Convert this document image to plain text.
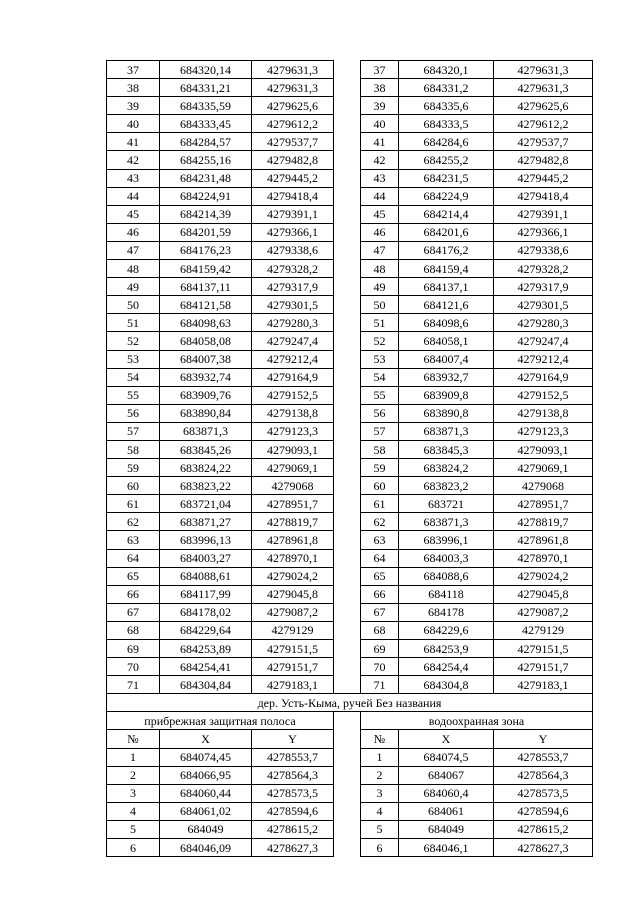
37	684320,14	4279631,3		37	684320,1	4279631,3
38	684331,21	4279631,3		38	684331,2	4279631,3
39	684335,59	4279625,6		39	684335,6	4279625,6
40	684333,45	4279612,2		40	684333,5	4279612,2
41	684284,57	4279537,7		41	684284,6	4279537,7
42	684255,16	4279482,8		42	684255,2	4279482,8
43	684231,48	4279445,2		43	684231,5	4279445,2
44	684224,91	4279418,4		44	684224,9	4279418,4
45	684214,39	4279391,1		45	684214,4	4279391,1
46	684201,59	4279366,1		46	684201,6	4279366,1
47	684176,23	4279338,6		47	684176,2	4279338,6
48	684159,42	4279328,2		48	684159,4	4279328,2
49	684137,11	4279317,9		49	684137,1	4279317,9
50	684121,58	4279301,5		50	684121,6	4279301,5
51	684098,63	4279280,3		51	684098,6	4279280,3
52	684058,08	4279247,4		52	684058,1	4279247,4
53	684007,38	4279212,4		53	684007,4	4279212,4
54	683932,74	4279164,9		54	683932,7	4279164,9
55	683909,76	4279152,5		55	683909,8	4279152,5
56	683890,84	4279138,8		56	683890,8	4279138,8
57	683871,3	4279123,3		57	683871,3	4279123,3
58	683845,26	4279093,1		58	683845,3	4279093,1
59	683824,22	4279069,1		59	683824,2	4279069,1
60	683823,22	4279068		60	683823,2	4279068
61	683721,04	4278951,7		61	683721	4278951,7
62	683871,27	4278819,7		62	683871,3	4278819,7
63	683996,13	4278961,8		63	683996,1	4278961,8
64	684003,27	4278970,1		64	684003,3	4278970,1
65	684088,61	4279024,2		65	684088,6	4279024,2
66	684117,99	4279045,8		66	684118	4279045,8
67	684178,02	4279087,2		67	684178	4279087,2
68	684229,64	4279129		68	684229,6	4279129
69	684253,89	4279151,5		69	684253,9	4279151,5
70	684254,41	4279151,7		70	684254,4	4279151,7
71	684304,84	4279183,1		71	684304,8	4279183,1
дер. Усть-Кыма, ручей Без названия						
прибрежная защитная полоса				водоохранная зона		
№	X	Y		№	X	Y
1	684074,45	4278553,7		1	684074,5	4278553,7
2	684066,95	4278564,3		2	684067	4278564,3
3	684060,44	4278573,5		3	684060,4	4278573,5
4	684061,02	4278594,6		4	684061	4278594,6
5	684049	4278615,2		5	684049	4278615,2
6	684046,09	4278627,3		6	684046,1	4278627,3
